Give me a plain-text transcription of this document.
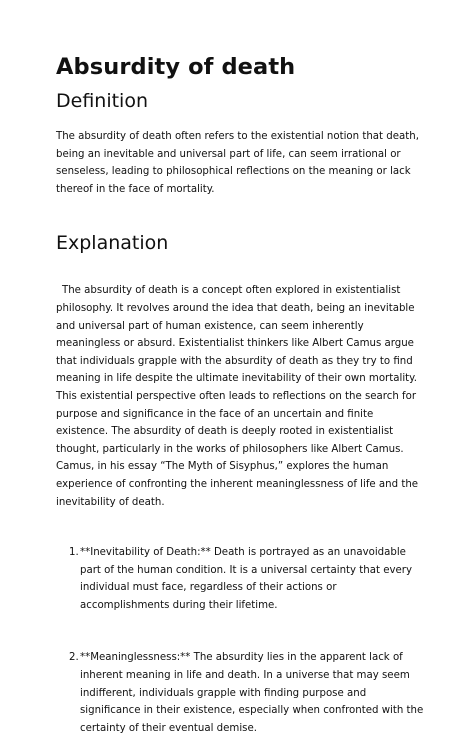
Absurdity of death
Definition

The absurdity of death often refers to the existential notion that death, being an inevitable and universal part of life, can seem irrational or senseless, leading to philosophical reflections on the meaning or lack thereof in the face of mortality.

Explanation

The absurdity of death is a concept often explored in existentialist philosophy. It revolves around the idea that death, being an inevitable and universal part of human existence, can seem inherently meaningless or absurd. Existentialist thinkers like Albert Camus argue that individuals grapple with the absurdity of death as they try to find meaning in life despite the ultimate inevitability of their own mortality. This existential perspective often leads to reflections on the search for purpose and significance in the face of an uncertain and finite existence. The absurdity of death is deeply rooted in existentialist thought, particularly in the works of philosophers like Albert Camus. Camus, in his essay “The Myth of Sisyphus,” explores the human experience of confronting the inherent meaninglessness of life and the inevitability of death.

1. **Inevitability of Death:** Death is portrayed as an unavoidable part of the human condition. It is a universal certainty that every individual must face, regardless of their actions or accomplishments during their lifetime.
2. **Meaninglessness:** The absurdity lies in the apparent lack of inherent meaning in life and death. In a universe that may seem indifferent, individuals grapple with finding purpose and significance in their existence, especially when confronted with the certainty of their eventual demise.
